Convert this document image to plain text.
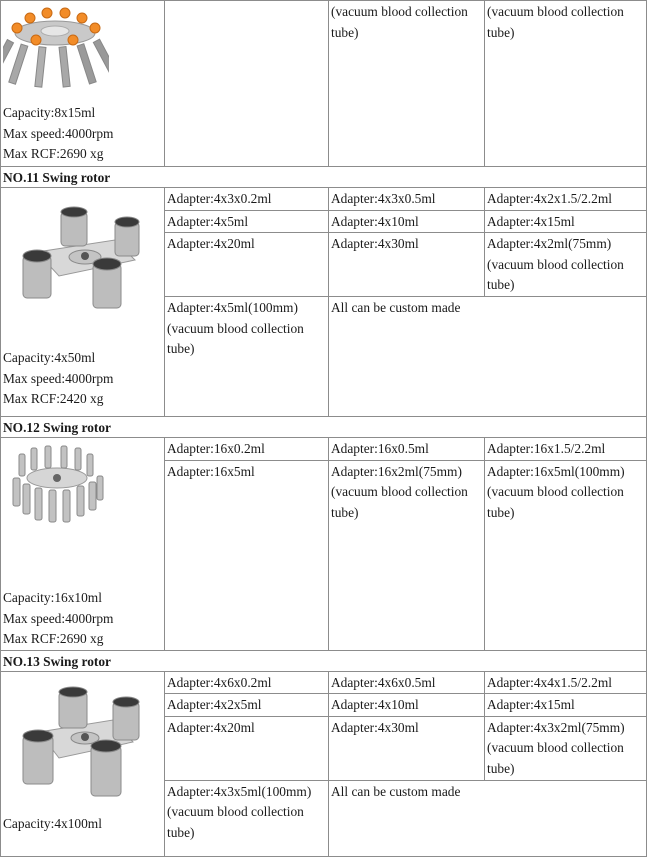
Capacity:8x15ml
Max speed:4000rpm
Max RCF:2690 xg		(vacuum blood collection tube)	(vacuum blood collection tube)
NO.11 Swing rotor			

Capacity:4x50ml
Max speed:4000rpm
Max RCF:2420 xg	Adapter:4x3x0.2ml	Adapter:4x3x0.5ml	Adapter:4x2x1.5/2.2ml
	Adapter:4x5ml	Adapter:4x10ml	Adapter:4x15ml
	Adapter:4x20ml	Adapter:4x30ml	Adapter:4x2ml(75mm) (vacuum blood collection tube)
	Adapter:4x5ml(100mm) (vacuum blood collection tube)	All can be custom made	
NO.12 Swing rotor			

Capacity:16x10ml
Max speed:4000rpm
Max RCF:2690 xg	Adapter:16x0.2ml	Adapter:16x0.5ml	Adapter:16x1.5/2.2ml
	Adapter:16x5ml	Adapter:16x2ml(75mm) (vacuum blood collection tube)	Adapter:16x5ml(100mm) (vacuum blood collection tube)
NO.13 Swing rotor			

Capacity:4x100ml	Adapter:4x6x0.2ml	Adapter:4x6x0.5ml	Adapter:4x4x1.5/2.2ml
	Adapter:4x2x5ml	Adapter:4x10ml	Adapter:4x15ml
	Adapter:4x20ml	Adapter:4x30ml	Adapter:4x3x2ml(75mm) (vacuum blood collection tube)
	Adapter:4x3x5ml(100mm) (vacuum blood collection tube)	All can be custom made	
